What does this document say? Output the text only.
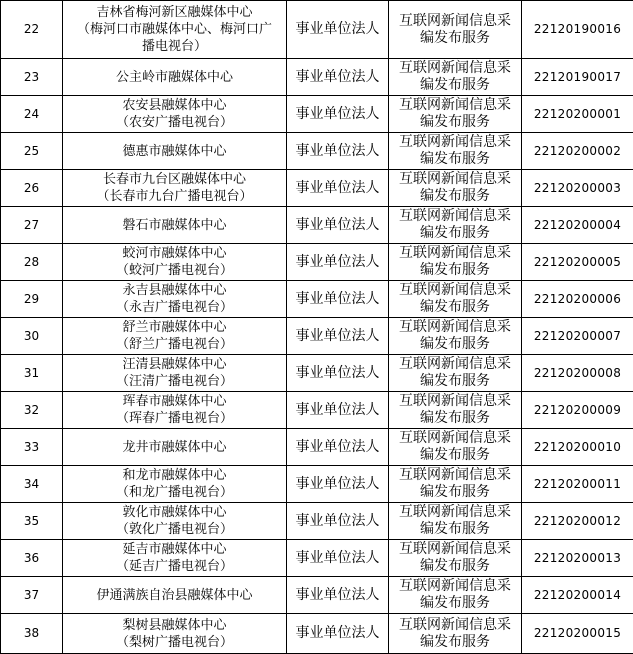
22	吉林省梅河新区融媒体中心
（梅河口市融媒体中心、梅河口广
播电视台）	事业单位法人	互联网新闻信息采
编发布服务	22120190016
23	公主岭市融媒体中心	事业单位法人	互联网新闻信息采
编发布服务	22120190017
24	农安县融媒体中心
（农安广播电视台）	事业单位法人	互联网新闻信息采
编发布服务	22120200001
25	德惠市融媒体中心	事业单位法人	互联网新闻信息采
编发布服务	22120200002
26	长春市九台区融媒体中心
（长春市九台广播电视台）	事业单位法人	互联网新闻信息采
编发布服务	22120200003
27	磐石市融媒体中心	事业单位法人	互联网新闻信息采
编发布服务	22120200004
28	蛟河市融媒体中心
（蛟河广播电视台）	事业单位法人	互联网新闻信息采
编发布服务	22120200005
29	永吉县融媒体中心
（永吉广播电视台）	事业单位法人	互联网新闻信息采
编发布服务	22120200006
30	舒兰市融媒体中心
（舒兰广播电视台）	事业单位法人	互联网新闻信息采
编发布服务	22120200007
31	汪清县融媒体中心
（汪清广播电视台）	事业单位法人	互联网新闻信息采
编发布服务	22120200008
32	珲春市融媒体中心
（珲春广播电视台）	事业单位法人	互联网新闻信息采
编发布服务	22120200009
33	龙井市融媒体中心	事业单位法人	互联网新闻信息采
编发布服务	22120200010
34	和龙市融媒体中心
（和龙广播电视台）	事业单位法人	互联网新闻信息采
编发布服务	22120200011
35	敦化市融媒体中心
（敦化广播电视台）	事业单位法人	互联网新闻信息采
编发布服务	22120200012
36	延吉市融媒体中心
（延吉广播电视台）	事业单位法人	互联网新闻信息采
编发布服务	22120200013
37	伊通满族自治县融媒体中心	事业单位法人	互联网新闻信息采
编发布服务	22120200014
38	梨树县融媒体中心
（梨树广播电视台）	事业单位法人	互联网新闻信息采
编发布服务	22120200015
